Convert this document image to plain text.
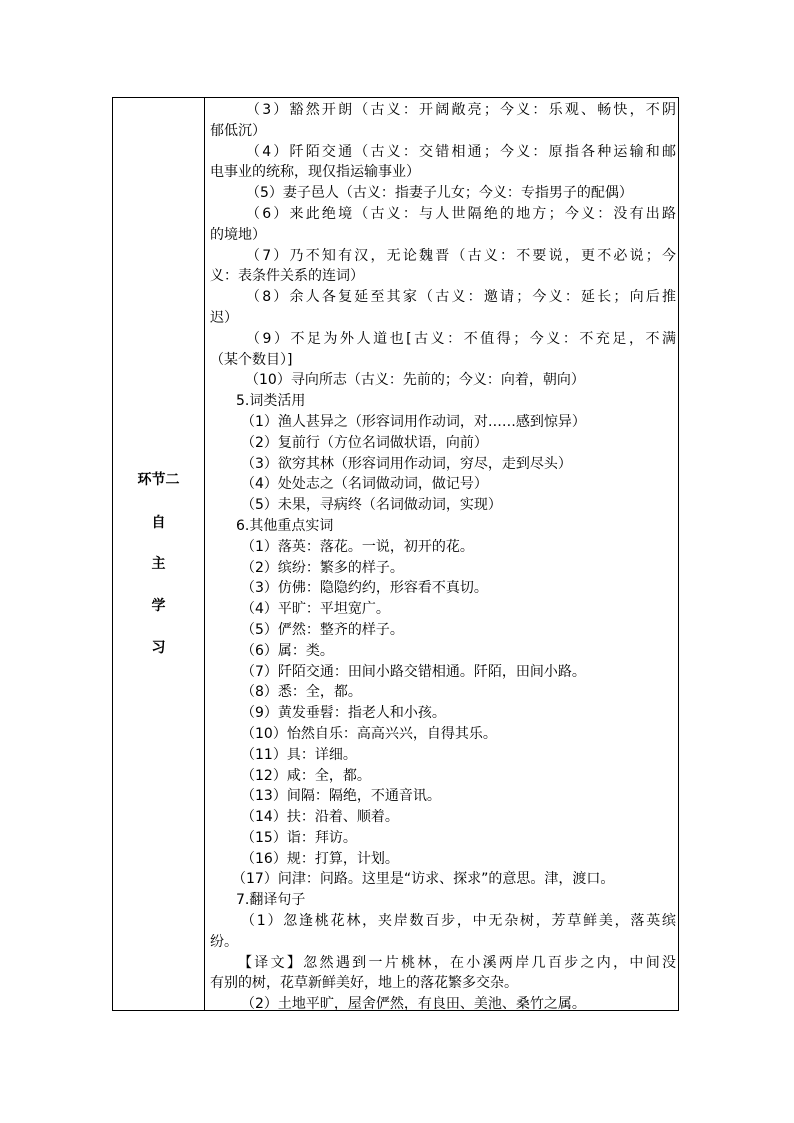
环节二
自
主
学
习
（3）豁然开朗（古义：开阔敞亮；今义：乐观、畅快，不阴
郁低沉）
（4）阡陌交通（古义：交错相通；今义：原指各种运输和邮
电事业的统称，现仅指运输事业）
（5）妻子邑人（古义：指妻子儿女；今义：专指男子的配偶）
（6）来此绝境（古义：与人世隔绝的地方；今义：没有出路
的境地）
（7）乃不知有汉，无论魏晋（古义：不要说，更不必说；今
义：表条件关系的连词）
（8）余人各复延至其家（古义：邀请；今义：延长；向后推
迟）
（9）不足为外人道也[古义：不值得；今义：不充足，不满
（某个数目）]
（10）寻向所志（古义：先前的；今义：向着，朝向）
5.词类活用
（1）渔人甚异之（形容词用作动词，对……感到惊异）
（2）复前行（方位名词做状语，向前）
（3）欲穷其林（形容词用作动词，穷尽，走到尽头）
（4）处处志之（名词做动词，做记号）
（5）未果，寻病终（名词做动词，实现）
6.其他重点实词
（1）落英：落花。一说，初开的花。
（2）缤纷：繁多的样子。
（3）仿佛：隐隐约约，形容看不真切。
（4）平旷：平坦宽广。
（5）俨然：整齐的样子。
（6）属：类。
（7）阡陌交通：田间小路交错相通。阡陌，田间小路。
（8）悉：全，都。
（9）黄发垂髫：指老人和小孩。
（10）怡然自乐：高高兴兴，自得其乐。
（11）具：详细。
（12）咸：全，都。
（13）间隔：隔绝，不通音讯。
（14）扶：沿着、顺着。
（15）诣：拜访。
（16）规：打算，计划。
（17）问津：问路。这里是“访求、探求”的意思。津，渡口。
7.翻译句子
（1）忽逢桃花林，夹岸数百步，中无杂树，芳草鲜美，落英缤
纷。
【译文】忽然遇到一片桃林，在小溪两岸几百步之内，中间没
有别的树，花草新鲜美好，地上的落花繁多交杂。
（2）土地平旷，屋舍俨然，有良田、美池、桑竹之属。
